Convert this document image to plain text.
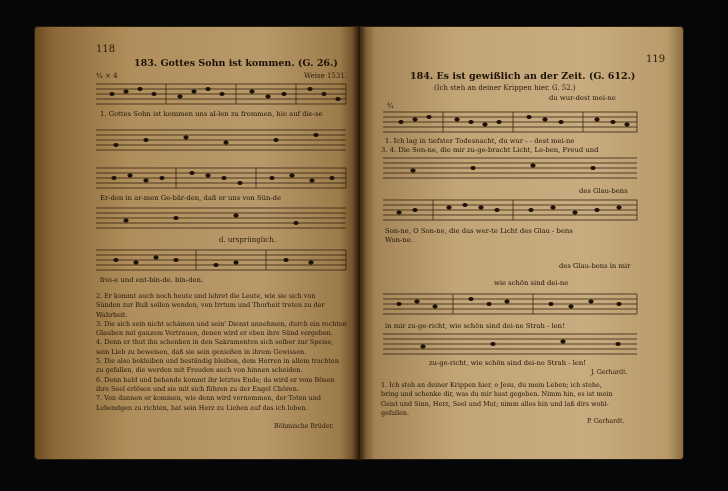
118
183. Gottes Sohn ist kommen. (G. 26.)
⁴⁄₄ × 4	Weise 1531.
1. Gottes Sohn ist kommen uns al-len zu frommen, hie auf die-se
Er-den in ar-men Ge-bär-den, daß er uns von Sün-de
d. ursprünglich.
frei-e und ent-bin-de. bin-den.
2. Er kommt auch noch heute und lehret die Leute, wie sie sich von
Sünden zur Buß sollen wenden, von Irrtum und Thorheit treten zu der
Wahrheit.
3. Die sich sein nicht schämen und sein' Dienst annehmen, durch ein rechten
Glauben mit ganzem Vertrauen, denen wird er eben ihre Sünd vergeben.
4. Denn er thut ihn schenken in den Sakramenten sich selber zur Speise,
sein Lieb zu beweisen, daß sie sein genießen in ihrem Gewissen.
5. Die also bekleiben und beständig bleiben, dem Herren in allem trachten
zu gefallen, die werden mit Freuden auch von hinnen scheiden.
6. Denn bald und behende kommt ihr letztes Ende; da wird er vom Bösen
ihre Seel erlösen und sie mit sich führen zu der Engel Chören.
7. Von dannen er kommen, wie denn wird vernommen, der Toten und
Lebendgen zu richten, hat sein Herz zu Lieben auf das ich loben.
Böhmische Brüder.
119
184. Es ist gewißlich an der Zeit. (G. 612.)
(Ich steh an deiner Krippen hier. G. 52.)
du wur-dest mei-ne
⁴⁄₄
1. Ich lag in tiefster Todesnacht, du wur - - dest mei-ne
3. 4. Die Son-ne, die mir zu-ge-bracht Licht, Le-ben, Freud und
des Glau-bens
Son-ne, O Son-ne, die das wer-te Licht des Glau - bens
Won-ne.
des Glau-bens in mir
wie schön sind dei-ne
in mir zu-ge-richt, wie schön sind dei-ne Strah - len!
zu-ge-richt, wie schön sind dei-ne Strah - len!
J. Gerhardt.
1. Ich steh an deiner Krippen hier, o Jesu, du mein Leben; ich stehe,
bring und schenke dir, was du mir hast gegeben. Nimm hin, es ist mein
Geist und Sinn, Herz, Seel und Mut; nimm alles hin und laß dirs wohl-
gefallen.
P. Gerhardt.
